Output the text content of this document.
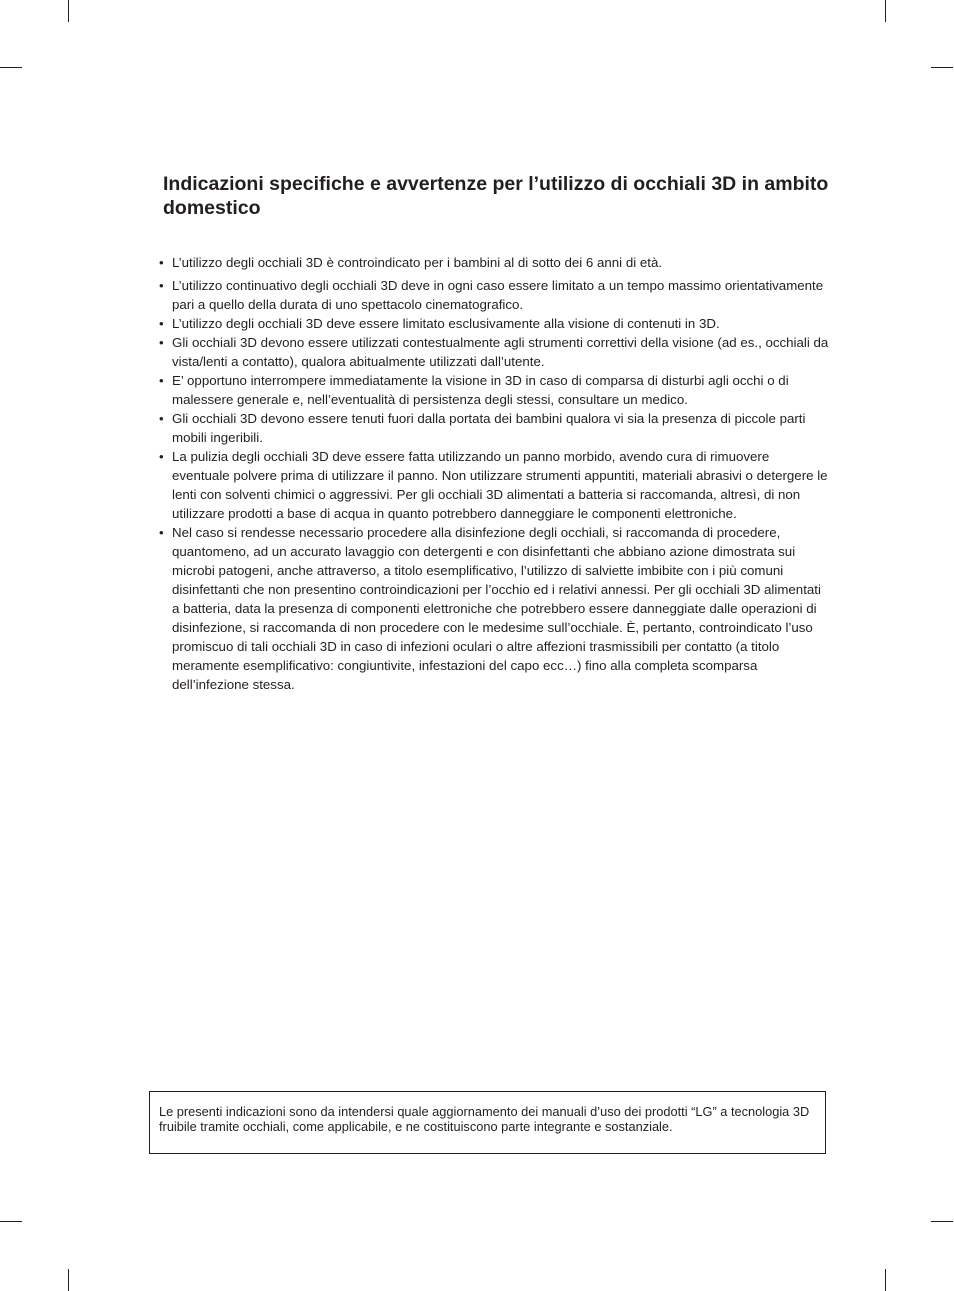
Indicazioni specifiche e avvertenze per l’utilizzo di occhiali 3D in ambito domestico
• L’utilizzo degli occhiali 3D è controindicato per i bambini al di sotto dei 6 anni di età.
• L’utilizzo continuativo degli occhiali 3D deve in ogni caso essere limitato a un tempo massimo orientativamente pari a quello della durata di uno spettacolo cinematografico.
• L’utilizzo degli occhiali 3D deve essere limitato esclusivamente alla visione di contenuti in 3D.
• Gli occhiali 3D devono essere utilizzati contestualmente agli strumenti correttivi della visione (ad es., occhiali da vista/lenti a contatto), qualora abitualmente utilizzati dall’utente.
• E’ opportuno interrompere immediatamente la visione in 3D in caso di comparsa di disturbi agli occhi o di malessere generale e, nell’eventualità di persistenza degli stessi, consultare un medico.
• Gli occhiali 3D devono essere tenuti fuori dalla portata dei bambini qualora vi sia la presenza di piccole parti mobili ingeribili.
• La pulizia degli occhiali 3D deve essere fatta utilizzando un panno morbido, avendo cura di rimuovere eventuale polvere prima di utilizzare il panno. Non utilizzare strumenti appuntiti, materiali abrasivi o detergere le lenti con solventi chimici o aggressivi. Per gli occhiali 3D alimentati a batteria si raccomanda, altresì, di non utilizzare prodotti a base di acqua in quanto potrebbero danneggiare le componenti elettroniche.
• Nel caso si rendesse necessario procedere alla disinfezione degli occhiali, si raccomanda di procedere, quantomeno, ad un accurato lavaggio con detergenti e con disinfettanti che abbiano azione dimostrata sui microbi patogeni, anche attraverso, a titolo esemplificativo, l’utilizzo di salviette imbibite con i più comuni disinfettanti che non presentino controindicazioni per l’occhio ed i relativi annessi. Per gli occhiali 3D alimentati a batteria, data la presenza di componenti elettroniche che potrebbero essere danneggiate dalle operazioni di disinfezione, si raccomanda di non procedere con le medesime sull’occhiale. È, pertanto, controindicato l’uso promiscuo di tali occhiali 3D in caso di infezioni oculari o altre affezioni trasmissibili per contatto (a titolo meramente esemplificativo: congiuntivite, infestazioni del capo ecc…) fino alla completa scomparsa dell’infezione stessa.
Le presenti indicazioni sono da intendersi quale aggiornamento dei manuali d’uso dei prodotti “LG” a tecnologia 3D fruibile tramite occhiali, come applicabile, e ne costituiscono parte integrante e sostanziale.
